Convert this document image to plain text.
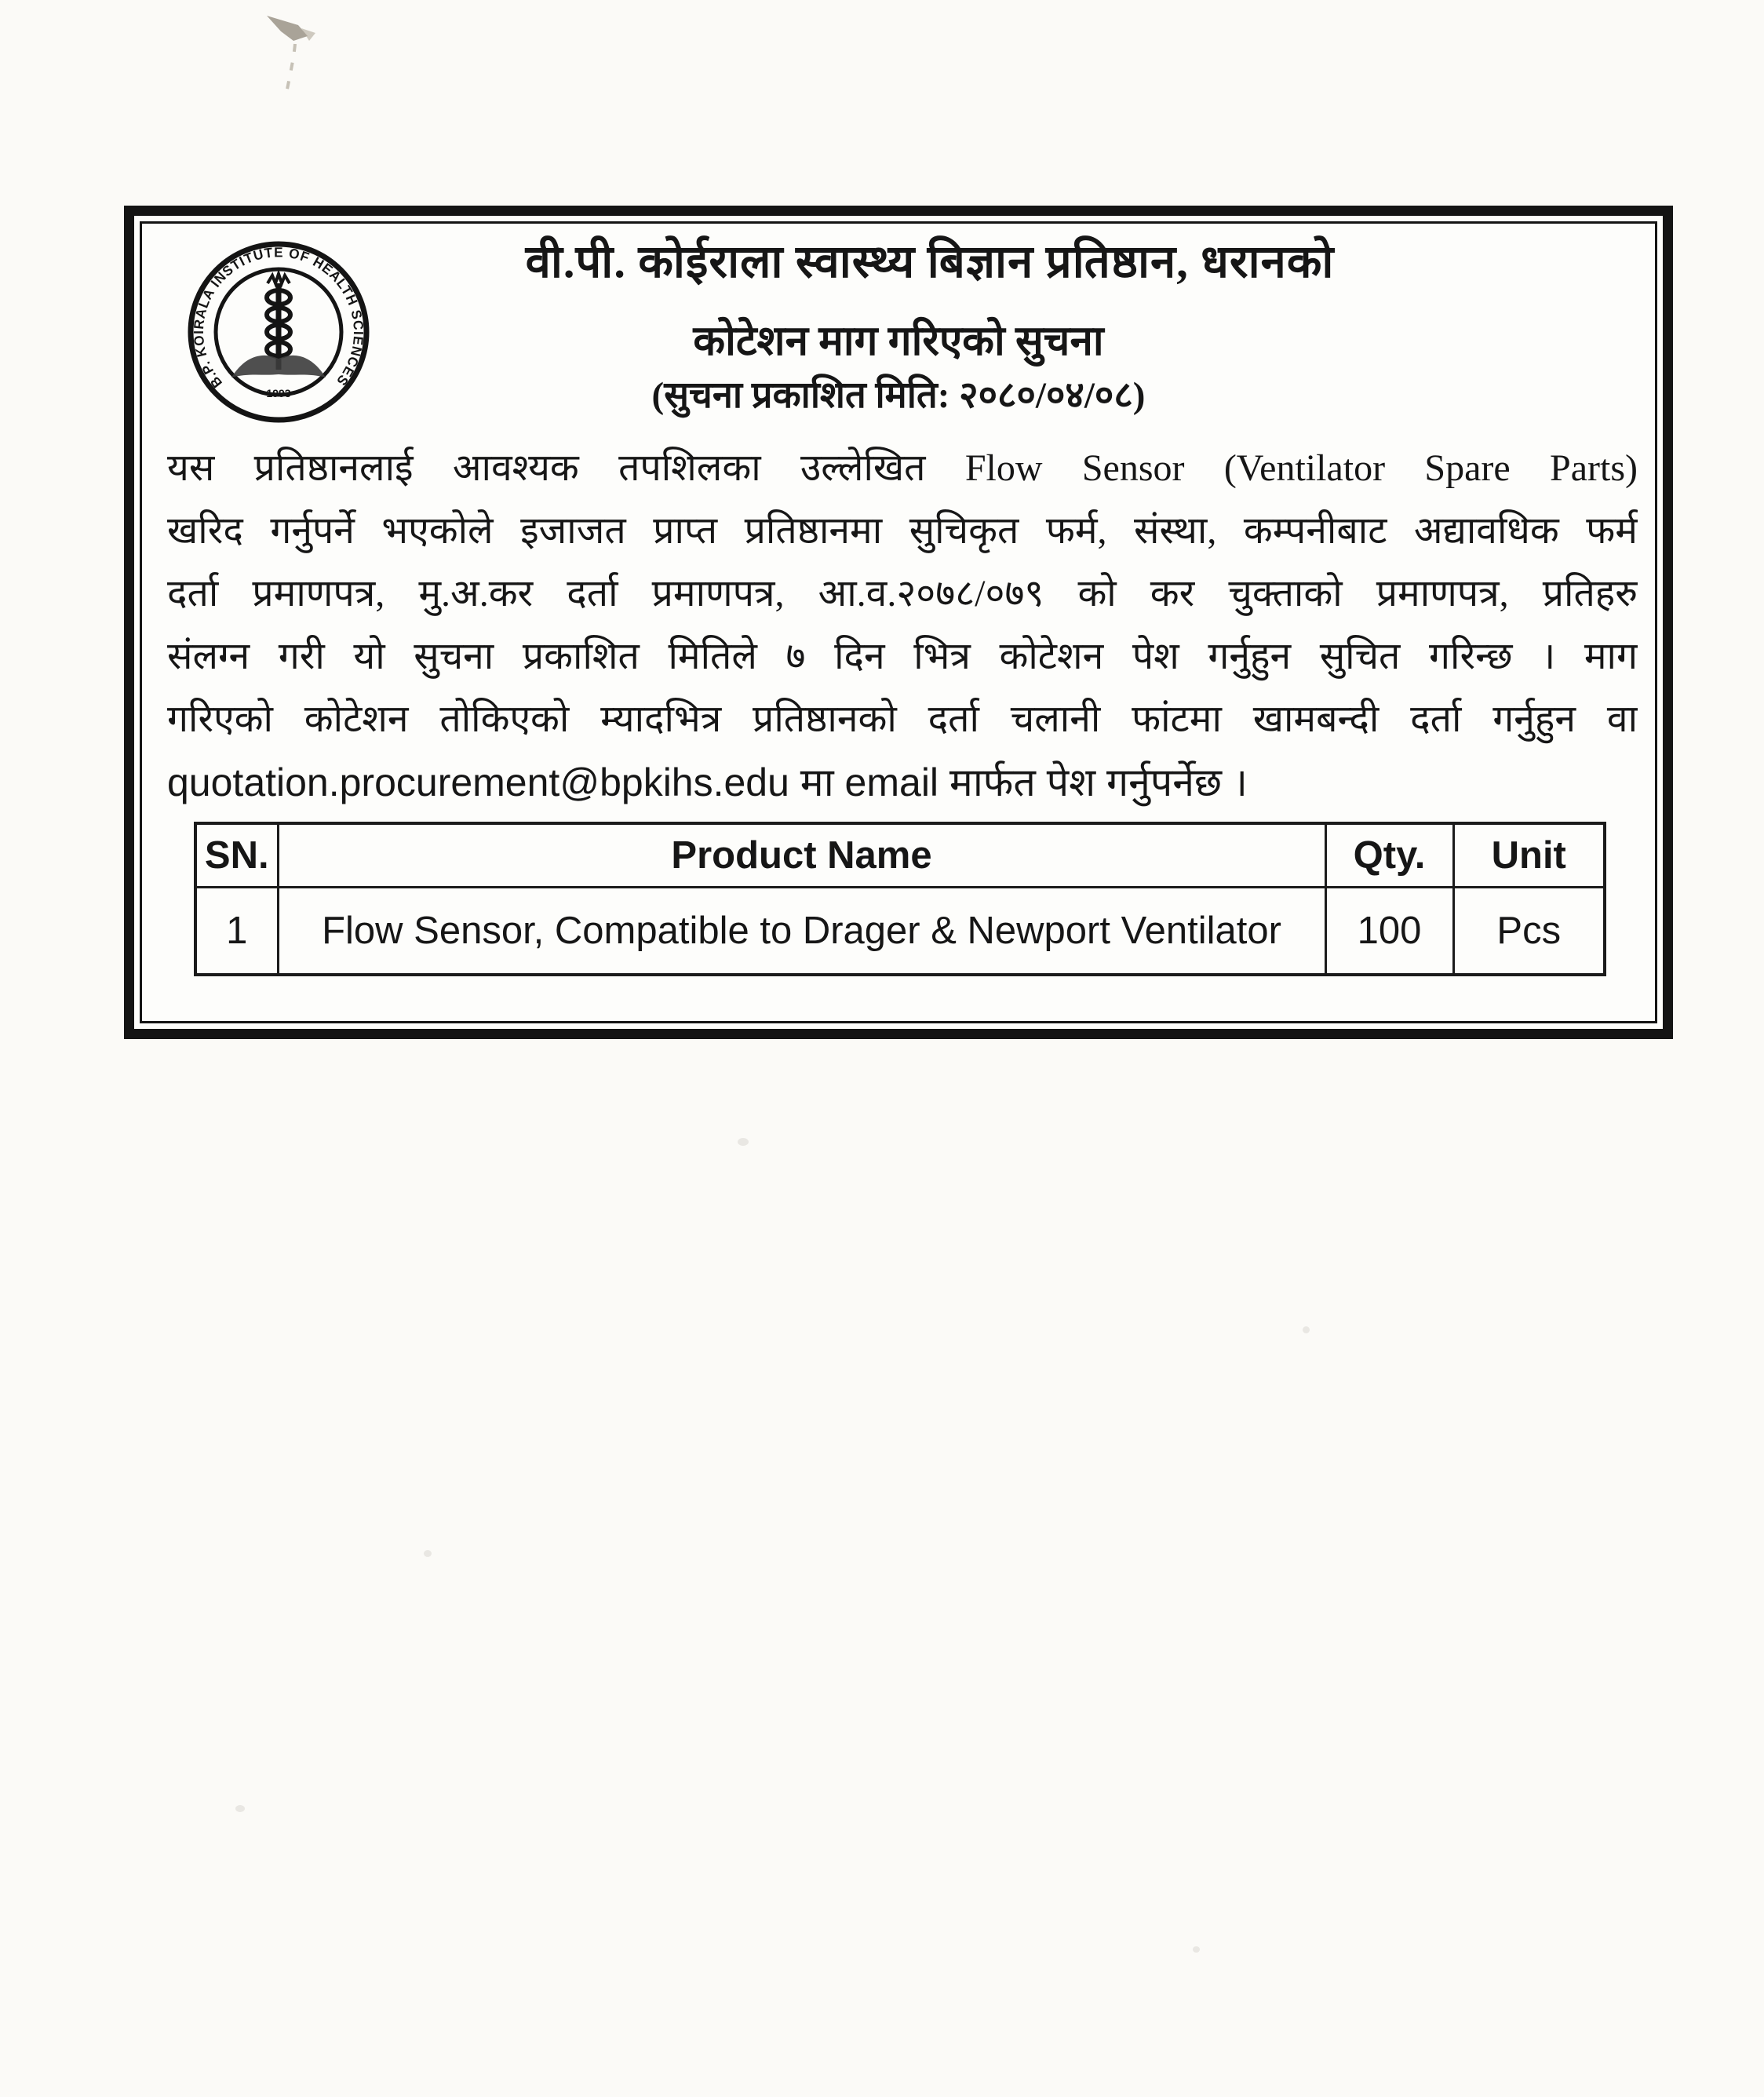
B.P. KOIRALA INSTITUTE OF HEALTH SCIENCES
1993
वी.पी. कोईराला स्वास्थ्य बिज्ञान प्रतिष्ठान, धरानको
कोटेशन माग गरिएको सुचना
(सुचना प्रकाशित मिति: २०८०/०४/०८)
यस प्रतिष्ठानलाई आवश्यक तपशिलका उल्लेखित Flow Sensor (Ventilator Spare Parts)
खरिद गर्नुपर्ने भएकोले इजाजत प्राप्त प्रतिष्ठानमा सुचिकृत फर्म, संस्था, कम्पनीबाट अद्यावधिक फर्म
दर्ता प्रमाणपत्र, मु.अ.कर दर्ता प्रमाणपत्र, आ.व.२०७८/०७९ को कर चुक्ताको प्रमाणपत्र, प्रतिहरु
संलग्न गरी यो सुचना प्रकाशित मितिले ७ दिन भित्र कोटेशन पेश गर्नुहुन सुचित गरिन्छ । माग
गरिएको कोटेशन तोकिएको म्यादभित्र प्रतिष्ठानको दर्ता चलानी फांटमा खामबन्दी दर्ता गर्नुहुन वा
quotation.procurement@bpkihs.edu मा email मार्फत पेश गर्नुपर्नेछ ।
SN.	Product Name	Qty.	Unit
1	Flow Sensor, Compatible to Drager & Newport Ventilator	100	Pcs
